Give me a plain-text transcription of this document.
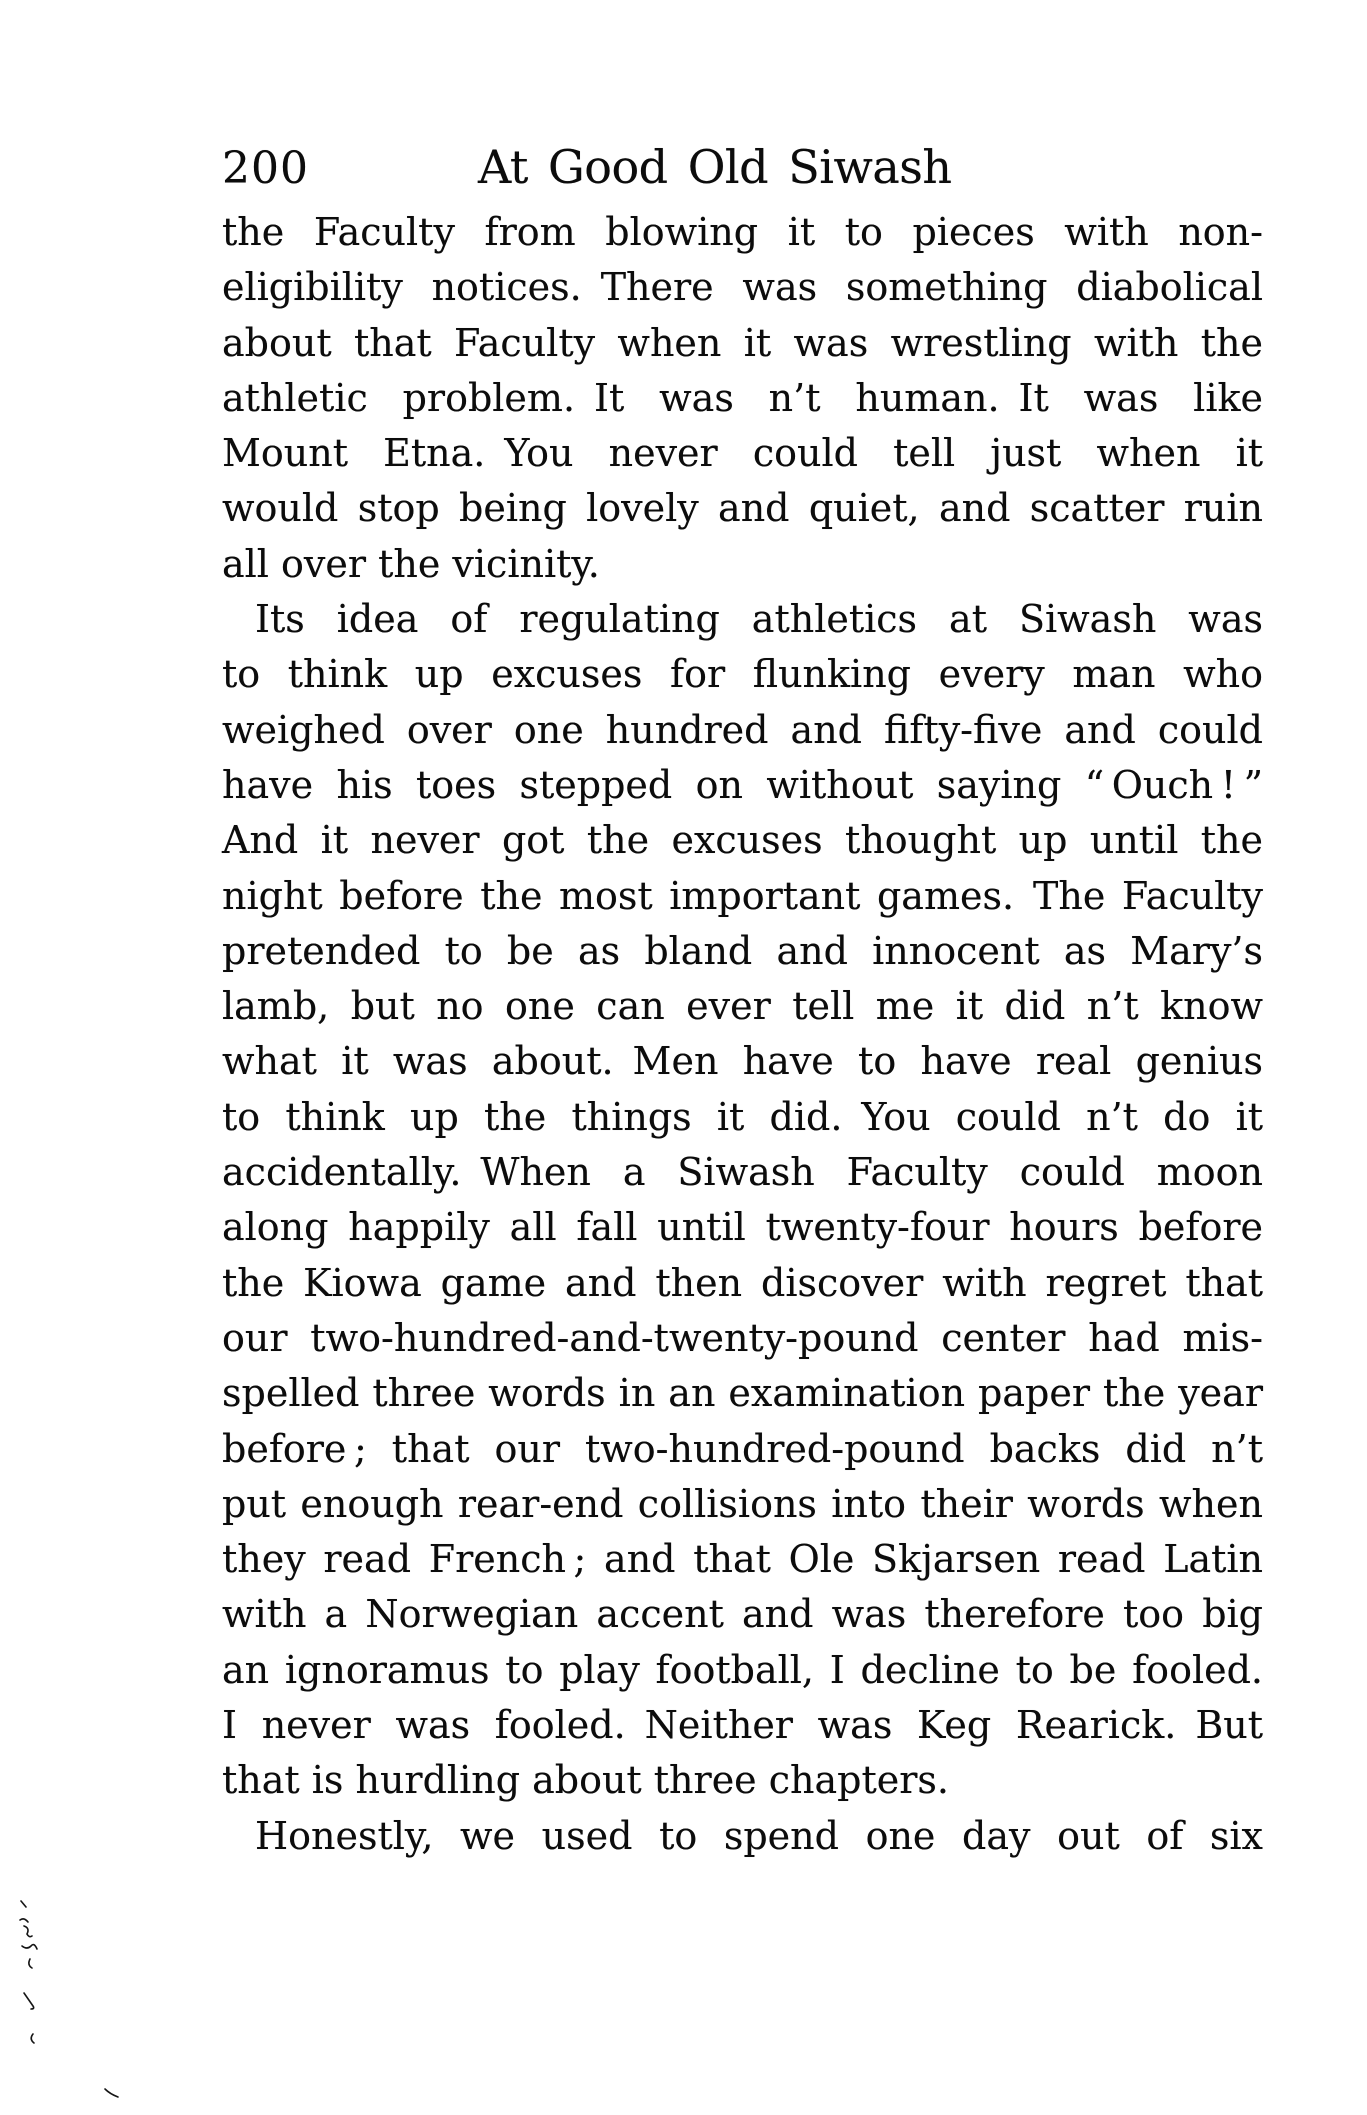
200	At Good Old Siwash
the Faculty from blowing it to pieces with non-
eligibility notices. There was something diabolical
about that Faculty when it was wrestling with the
athletic problem. It was n’t human. It was like
Mount Etna. You never could tell just when it
would stop being lovely and quiet, and scatter ruin
all over the vicinity.
Its idea of regulating athletics at Siwash was
to think up excuses for flunking every man who
weighed over one hundred and fifty-five and could
have his toes stepped on without saying “ Ouch ! ”
And it never got the excuses thought up until the
night before the most important games. The Faculty
pretended to be as bland and innocent as Mary’s
lamb, but no one can ever tell me it did n’t know
what it was about. Men have to have real genius
to think up the things it did. You could n’t do it
accidentally. When a Siwash Faculty could moon
along happily all fall until twenty-four hours before
the Kiowa game and then discover with regret that
our two-hundred-and-twenty-pound center had mis-
spelled three words in an examination paper the year
before ; that our two-hundred-pound backs did n’t
put enough rear-end collisions into their words when
they read French ; and that Ole Skjarsen read Latin
with a Norwegian accent and was therefore too big
an ignoramus to play football, I decline to be fooled.
I never was fooled. Neither was Keg Rearick. But
that is hurdling about three chapters.
Honestly, we used to spend one day out of six
